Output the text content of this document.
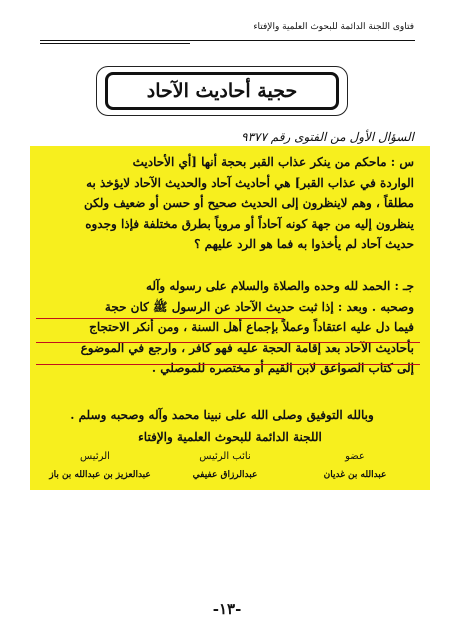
فتاوى اللجنة الدائمة للبحوث العلمية والإفتاء
حجية أحاديث الآحاد
السؤال الأول من الفتوى رقم ٩٣٧٧
س : ماحكم من ينكر عذاب القبر بحجة أنها [أي الأحاديث
الواردة في عذاب القبر] هي أحاديث آحاد والحديث الآحاد لايؤخذ به
مطلقاً ، وهم لاينظرون إلى الحديث صحيح أو حسن أو ضعيف ولكن
ينظرون إليه من جهة كونه آحاداً أو مروياً بطرق مختلفة فإذا وجدوه
حديث آحاد لم يأخذوا به فما هو الرد عليهم ؟
جـ : الحمد لله وحده والصلاة والسلام على رسوله وآله
وصحبه . وبعد : إذا ثبت حديث الآحاد عن الرسول ﷺ كان حجة
فيما دل عليه اعتقاداً وعملاً بإجماع أهل السنة ، ومن أنكر الاحتجاج
بأحاديث الآحاد بعد إقامة الحجة عليه فهو كافر ، وارجع في الموضوع
إلى كتاب الصواعق لابن القيم أو مختصره للموصلي .
وبالله التوفيق وصلى الله على نبينا محمد وآله وصحبه وسلم .
اللجنة الدائمة للبحوث العلمية والإفتاء
الرئيس	نائب الرئيس	عضو
عبدالعزيز بن عبدالله بن باز	عبدالرزاق عفيفي	عبدالله بن غديان
-١٣-
